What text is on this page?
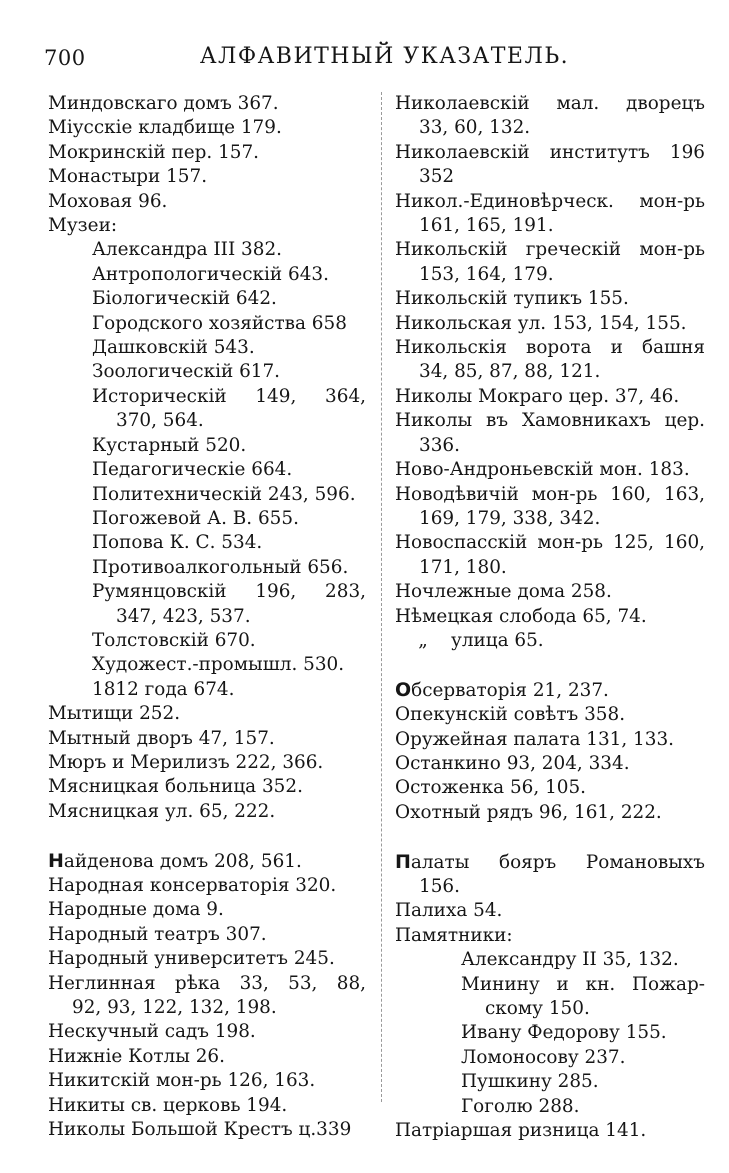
700	АЛФАВИТНЫЙ УКАЗАТЕЛЬ.
Миндовскаго домъ 367.
Міусскіе кладбище 179.
Мокринскій пер. 157.
Монастыри 157.
Моховая 96.
Музеи:
Александра III 382.
Антропологическій 643.
Біологическій 642.
Городского хозяйства 658
Дашковскій 543.
Зоологическій 617.
Историческій 149, 364,
370, 564.
Кустарный 520.
Педагогическіе 664.
Политехническій 243, 596.
Погожевой А. В. 655.
Попова К. С. 534.
Противоалкогольный 656.
Румянцовскій 196, 283,
347, 423, 537.
Толстовскій 670.
Художест.-промышл. 530.
1812 года 674.
Мытищи 252.
Мытный дворъ 47, 157.
Мюръ и Мерилизъ 222, 366.
Мясницкая больница 352.
Мясницкая ул. 65, 222.
Найденова домъ 208, 561.
Народная консерваторія 320.
Народные дома 9.
Народный театръ 307.
Народный университетъ 245.
Неглинная рѣка 33, 53, 88,
92, 93, 122, 132, 198.
Нескучный садъ 198.
Нижніе Котлы 26.
Никитскій мон-рь 126, 163.
Никиты св. церковь 194.
Николы Большой Крестъ ц.339
Николаевскій мал. дворецъ
33, 60, 132.
Николаевскій институтъ 196
352
Никол.-Единовѣрческ. мон-рь
161, 165, 191.
Никольскій греческій мон-рь
153, 164, 179.
Никольскій тупикъ 155.
Никольская ул. 153, 154, 155.
Никольскія ворота и башня
34, 85, 87, 88, 121.
Николы Мокраго цер. 37, 46.
Николы въ Хамовникахъ цер.
336.
Ново-Андроньевскій мон. 183.
Новодѣвичій мон-рь 160, 163,
169, 179, 338, 342.
Новоспасскій мон-рь 125, 160,
171, 180.
Ночлежные дома 258.
Нѣмецкая слобода 65, 74.
„ улица 65.
Обсерваторія 21, 237.
Опекунскій совѣтъ 358.
Оружейная палата 131, 133.
Останкино 93, 204, 334.
Остоженка 56, 105.
Охотный рядъ 96, 161, 222.
Палаты бояръ Романовыхъ
156.
Палиха 54.
Памятники:
Александру II 35, 132.
Минину и кн. Пожар-
скому 150.
Ивану Федорову 155.
Ломоносову 237.
Пушкину 285.
Гоголю 288.
Патріаршая ризница 141.
